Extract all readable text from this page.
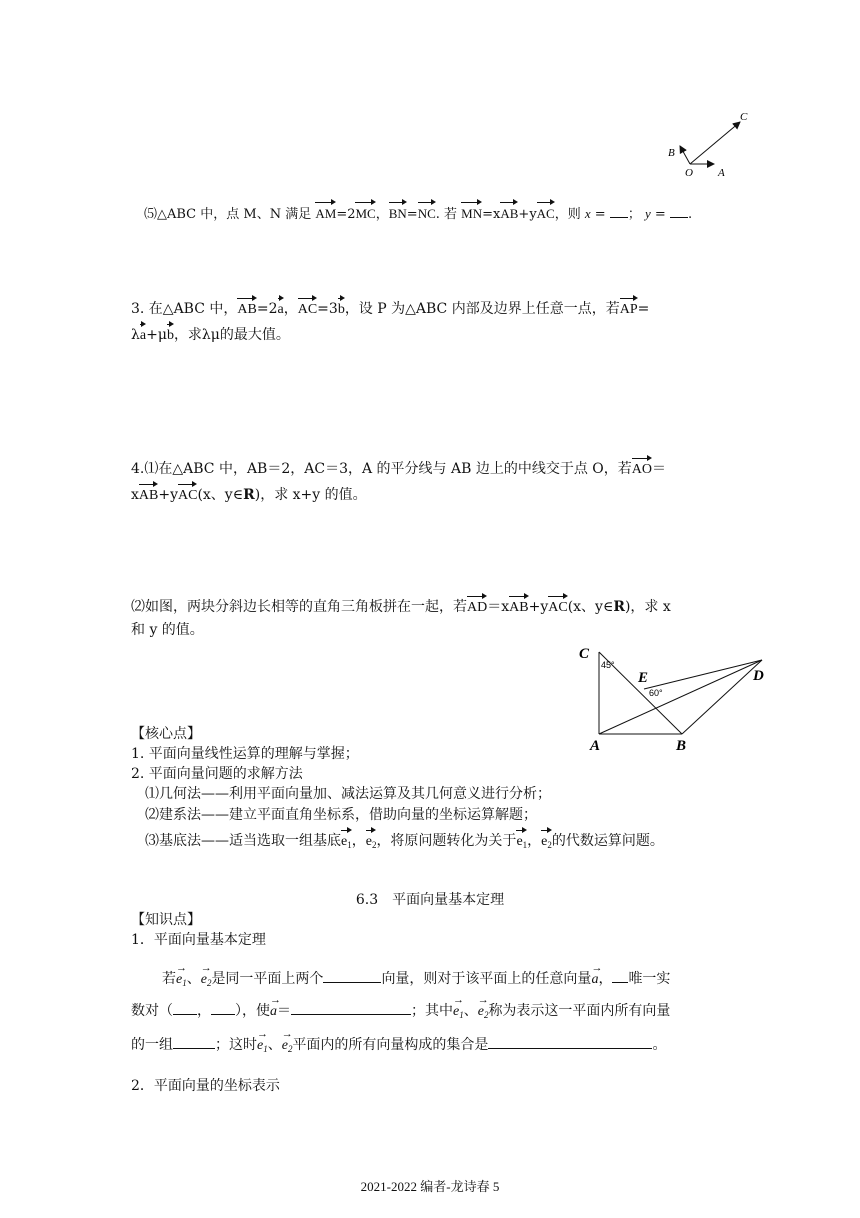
C
B
O A
⑸△ABC 中，点 M、N 满足 AM=2MC，BN=NC. 若 MN=xAB+yAC，则 x = ； y = .
3. 在△ABC 中，AB=2a，AC=3b，设 P 为△ABC 内部及边界上任意一点，若AP=
λa+μb，求λμ的最大值。
4.⑴在△ABC 中，AB＝2，AC＝3，A 的平分线与 AB 边上的中线交于点 O，若AO＝
xAB+yAC(x、y∈R)，求 x+y 的值。
⑵如图，两块分斜边长相等的直角三角板拼在一起，若AD＝xAB+yAC(x、y∈R)，求 x
和 y 的值。
C
E	D
A	B
45°
60°
【核心点】
1. 平面向量线性运算的理解与掌握；
2. 平面向量问题的求解方法
⑴几何法——利用平面向量加、减法运算及其几何意义进行分析；
⑵建系法——建立平面直角坐标系，借助向量的坐标运算解题；
⑶基底法——适当选取一组基底$e_1$，$e_2$，将原问题转化为关于$e_1$，$e_2$的代数运算问题。
6.3　平面向量基本定理
【知识点】
1．平面向量基本定理
若
→
$e_1$、
→
$e_2$是同一平面上两个	向量，则对于该平面上的任意向量
→
a， 唯一实
数对（ ， ），使
→
a＝	；其中
→
$e_1$、
→
$e_2$称为表示这一平面内所有向量
的一组	；这时
→
$e_1$、
→
$e_2$平面内的所有向量构成的集合是	。
2．平面向量的坐标表示
2021-2022 编者-龙诗春 5
